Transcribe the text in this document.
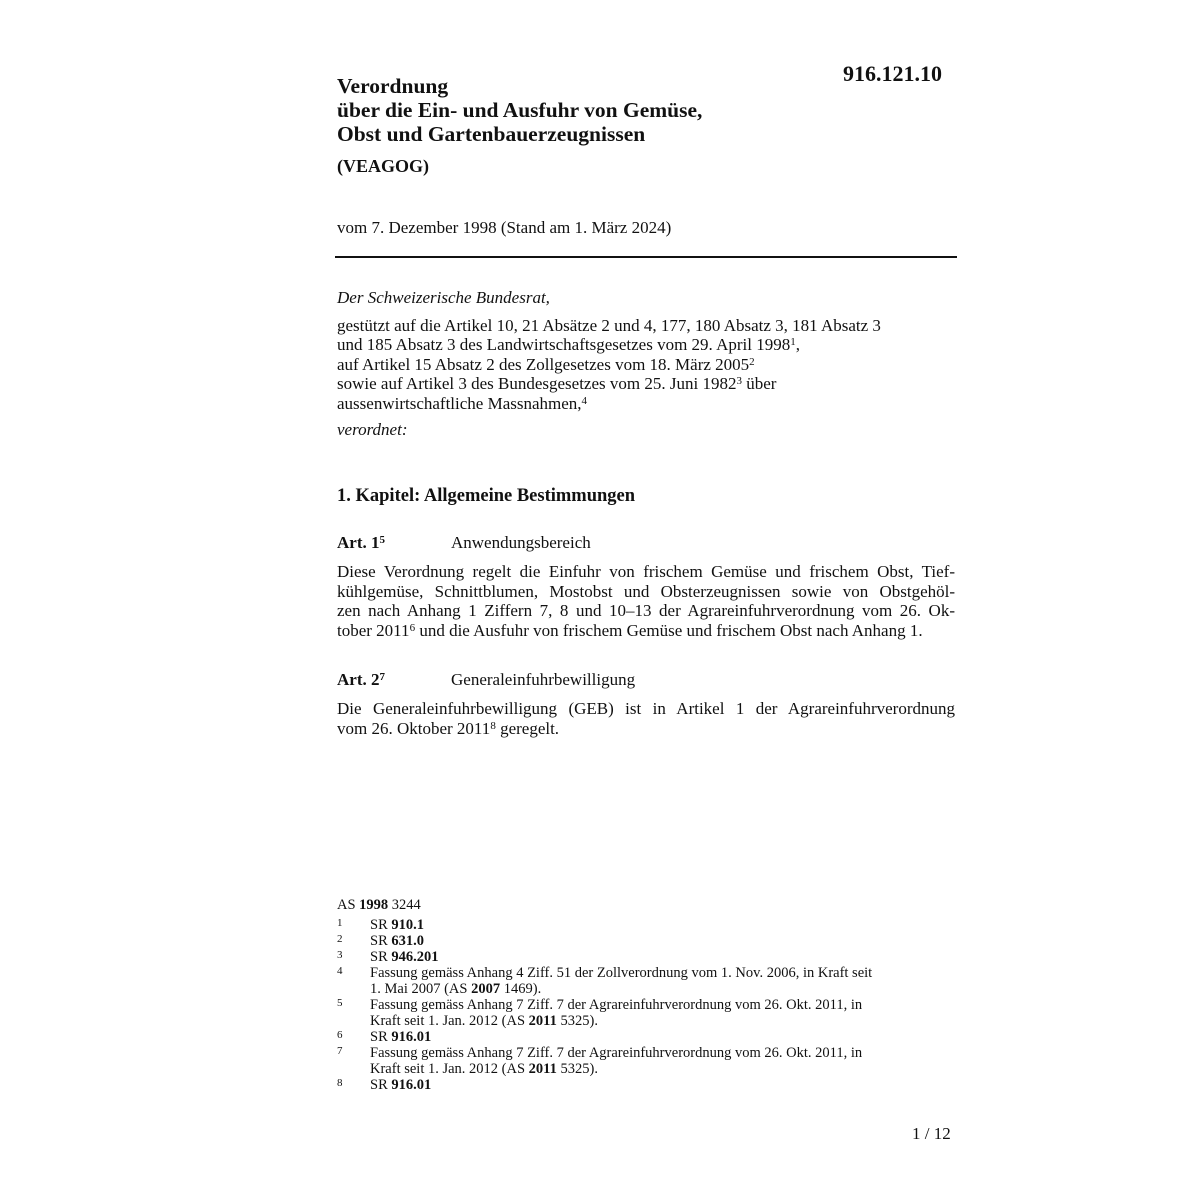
916.121.10
Verordnung
über die Ein- und Ausfuhr von Gemüse,
Obst und Gartenbauerzeugnissen
(VEAGOG)
vom 7. Dezember 1998 (Stand am 1. März 2024)
Der Schweizerische Bundesrat,
gestützt auf die Artikel 10, 21 Absätze 2 und 4, 177, 180 Absatz 3, 181 Absatz 3
und 185 Absatz 3 des Landwirtschaftsgesetzes vom 29. April 1998$^1$,
auf Artikel 15 Absatz 2 des Zollgesetzes vom 18. März 2005$^2$
sowie auf Artikel 3 des Bundesgesetzes vom 25. Juni 1982$^3$ über
aussenwirtschaftliche Massnahmen,$^4$
verordnet:
1. Kapitel: Allgemeine Bestimmungen
Art. $1^5$	Anwendungsbereich
Diese Verordnung regelt die Einfuhr von frischem Gemüse und frischem Obst, Tief-
kühlgemüse, Schnittblumen, Mostobst und Obsterzeugnissen sowie von Obstgehöl-
zen nach Anhang 1 Ziffern 7, 8 und 10–13 der Agrareinfuhrverordnung vom 26. Ok-
tober 2011$^6$ und die Ausfuhr von frischem Gemüse und frischem Obst nach Anhang 1.
Art. $2^7$	Generaleinfuhrbewilligung
Die Generaleinfuhrbewilligung (GEB) ist in Artikel 1 der Agrareinfuhrverordnung
vom 26. Oktober 2011$^8$ geregelt.
AS 1998 3244
1 SR 910.1
2 SR 631.0
3 SR 946.201
4 Fassung gemäss Anhang 4 Ziff. 51 der Zollverordnung vom 1. Nov. 2006, in Kraft seit
1. Mai 2007 (AS 2007 1469).
5 Fassung gemäss Anhang 7 Ziff. 7 der Agrareinfuhrverordnung vom 26. Okt. 2011, in
Kraft seit 1. Jan. 2012 (AS 2011 5325).
6 SR 916.01
7 Fassung gemäss Anhang 7 Ziff. 7 der Agrareinfuhrverordnung vom 26. Okt. 2011, in
Kraft seit 1. Jan. 2012 (AS 2011 5325).
8 SR 916.01
1 / 12
